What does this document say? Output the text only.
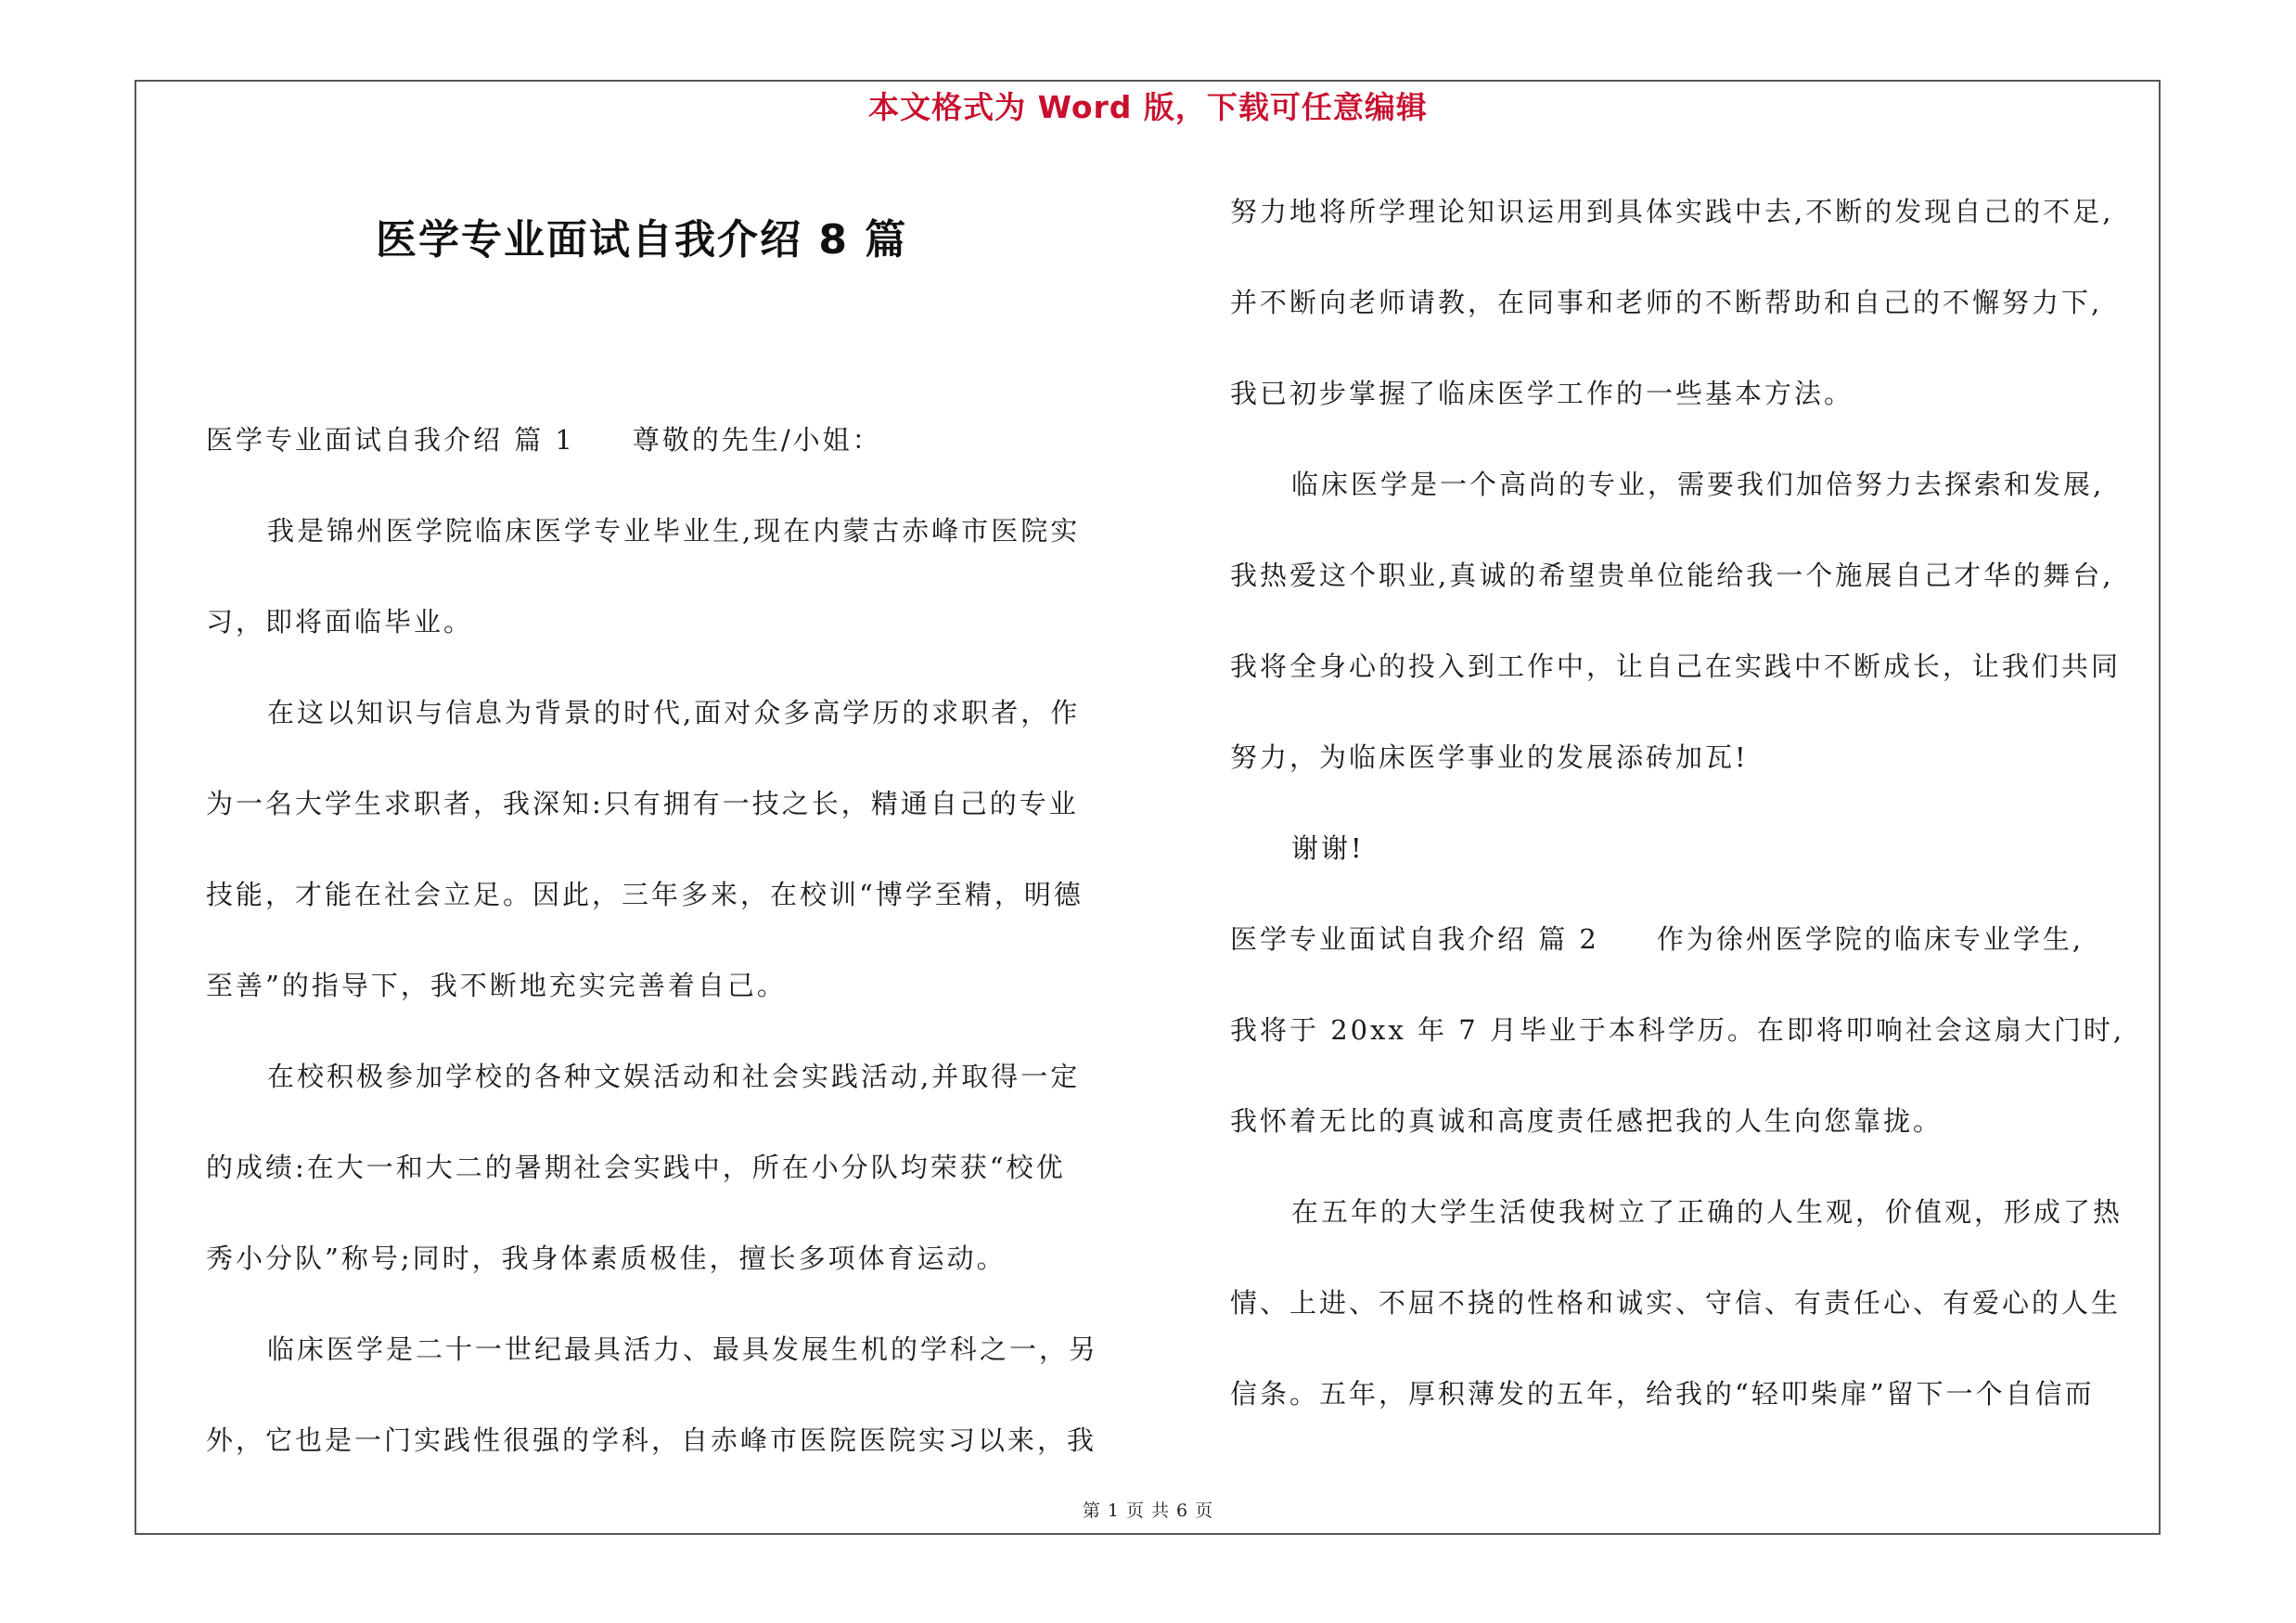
本文格式为 Word 版，下载可任意编辑
医学专业面试自我介绍 8 篇
医学专业面试自我介绍 篇 1 尊敬的先生/小姐：
我是锦州医学院临床医学专业毕业生,现在内蒙古赤峰市医院实
习，即将面临毕业。
在这以知识与信息为背景的时代,面对众多高学历的求职者，作
为一名大学生求职者，我深知:只有拥有一技之长，精通自己的专业
技能，才能在社会立足。因此，三年多来，在校训“博学至精，明德
至善”的指导下，我不断地充实完善着自己。
在校积极参加学校的各种文娱活动和社会实践活动,并取得一定
的成绩:在大一和大二的暑期社会实践中，所在小分队均荣获“校优
秀小分队”称号;同时，我身体素质极佳，擅长多项体育运动。
临床医学是二十一世纪最具活力、最具发展生机的学科之一，另
外，它也是一门实践性很强的学科，自赤峰市医院医院实习以来，我
努力地将所学理论知识运用到具体实践中去,不断的发现自己的不足,
并不断向老师请教，在同事和老师的不断帮助和自己的不懈努力下,
我已初步掌握了临床医学工作的一些基本方法。
临床医学是一个高尚的专业，需要我们加倍努力去探索和发展,
我热爱这个职业,真诚的希望贵单位能给我一个施展自己才华的舞台,
我将全身心的投入到工作中，让自己在实践中不断成长，让我们共同
努力，为临床医学事业的发展添砖加瓦!
谢谢!
医学专业面试自我介绍 篇 2 作为徐州医学院的临床专业学生,
我将于 20xx 年 7 月毕业于本科学历。在即将叩响社会这扇大门时,
我怀着无比的真诚和高度责任感把我的人生向您靠拢。
在五年的大学生活使我树立了正确的人生观，价值观，形成了热
情、上进、不屈不挠的性格和诚实、守信、有责任心、有爱心的人生
信条。五年，厚积薄发的五年，给我的“轻叩柴扉”留下一个自信而
第 1 页 共 6 页
